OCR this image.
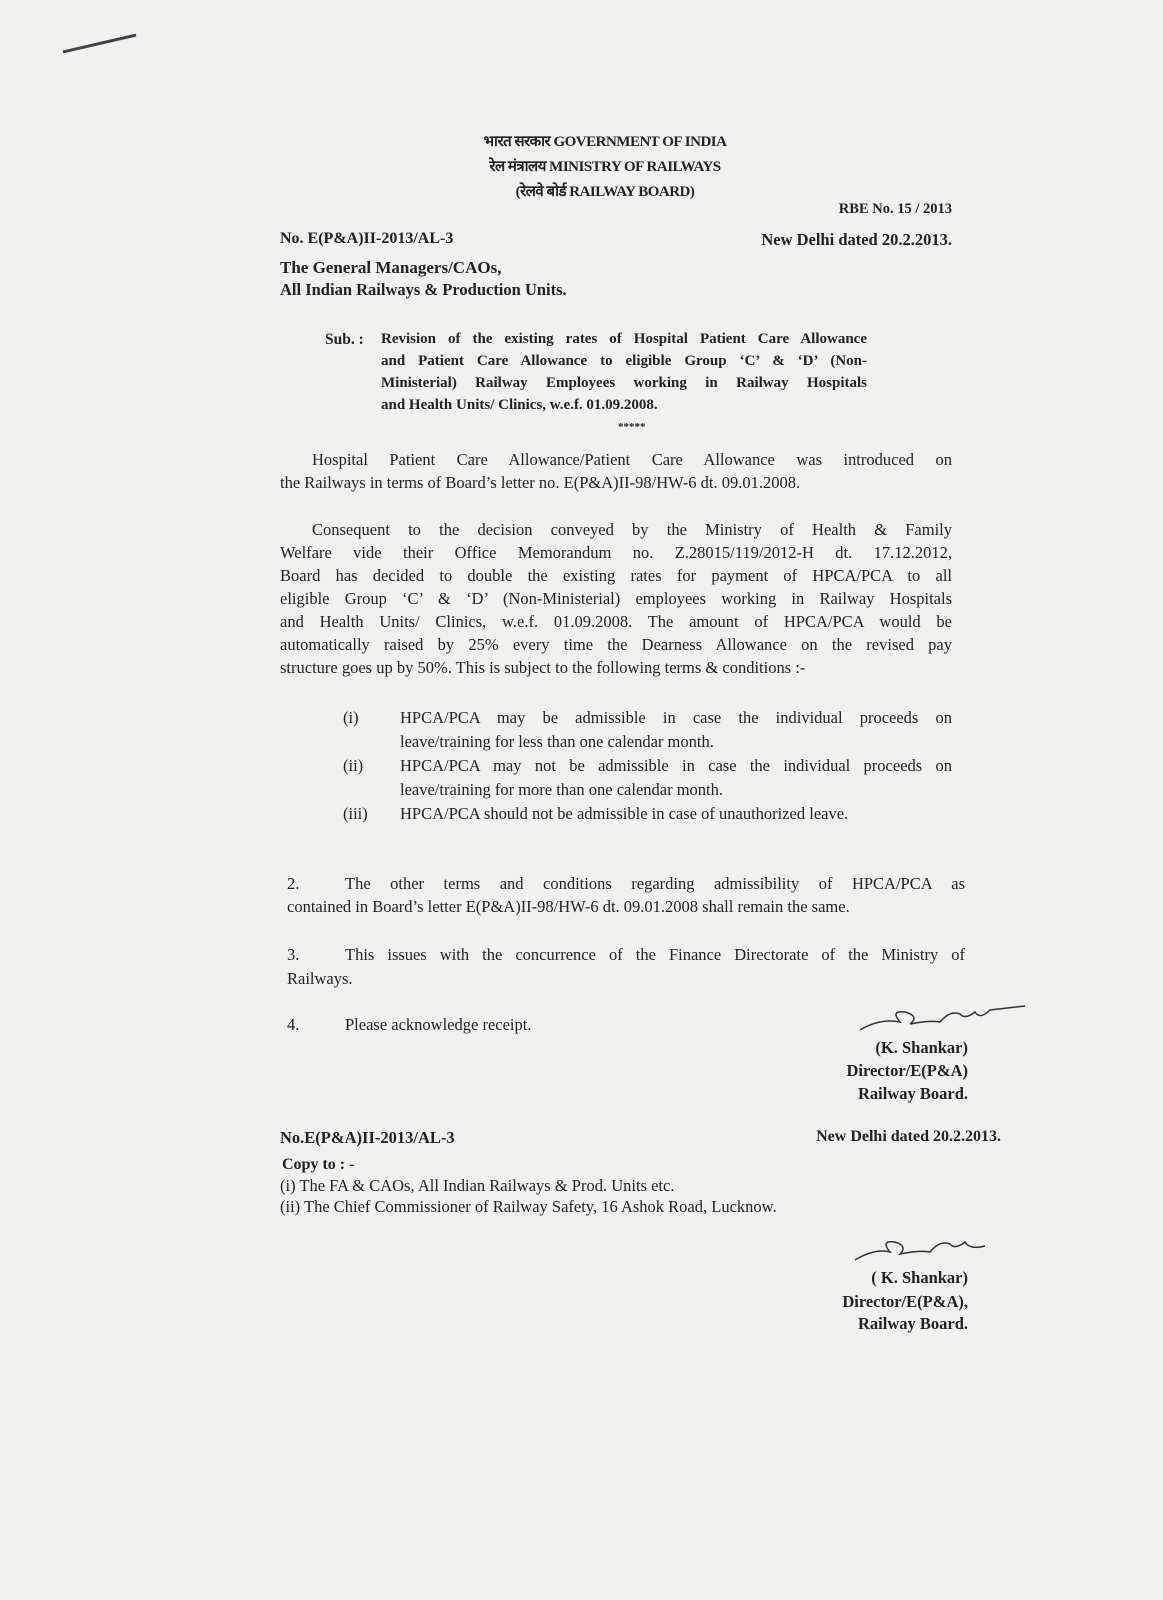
भारत सरकार GOVERNMENT OF INDIA
रेल मंत्रालय MINISTRY OF RAILWAYS
(रेलवे बोर्ड RAILWAY BOARD)
RBE No. 15 / 2013
No. E(P&A)II-2013/AL-3	New Delhi dated 20.2.2013.
The General Managers/CAOs,
All Indian Railways & Production Units.
Sub. : Revision of the existing rates of Hospital Patient Care Allowance
and Patient Care Allowance to eligible Group ‘C’ & ‘D’ (Non-
Ministerial) Railway Employees working in Railway Hospitals
and Health Units/ Clinics, w.e.f. 01.09.2008.
*****
Hospital Patient Care Allowance/Patient Care Allowance was introduced on
the Railways in terms of Board’s letter no. E(P&A)II-98/HW-6 dt. 09.01.2008.
Consequent to the decision conveyed by the Ministry of Health & Family
Welfare vide their Office Memorandum no. Z.28015/119/2012-H dt. 17.12.2012,
Board has decided to double the existing rates for payment of HPCA/PCA to all
eligible Group ‘C’ & ‘D’ (Non-Ministerial) employees working in Railway Hospitals
and Health Units/ Clinics, w.e.f. 01.09.2008. The amount of HPCA/PCA would be
automatically raised by 25% every time the Dearness Allowance on the revised pay
structure goes up by 50%. This is subject to the following terms & conditions :-
(i)	HPCA/PCA may be admissible in case the individual proceeds on
leave/training for less than one calendar month.
(ii) HPCA/PCA may not be admissible in case the individual proceeds on
leave/training for more than one calendar month.
(iii) HPCA/PCA should not be admissible in case of unauthorized leave.
2.	The other terms and conditions regarding admissibility of HPCA/PCA as
contained in Board’s letter E(P&A)II-98/HW-6 dt. 09.01.2008 shall remain the same.
3.	This issues with the concurrence of the Finance Directorate of the Ministry of
Railways.
4.	Please acknowledge receipt.
(K. Shankar)
Director/E(P&A)
Railway Board.
No.E(P&A)II-2013/AL-3	New Delhi dated 20.2.2013.
Copy to : -
(i) The FA & CAOs, All Indian Railways & Prod. Units etc.
(ii) The Chief Commissioner of Railway Safety, 16 Ashok Road, Lucknow.
( K. Shankar)
Director/E(P&A),
Railway Board.
